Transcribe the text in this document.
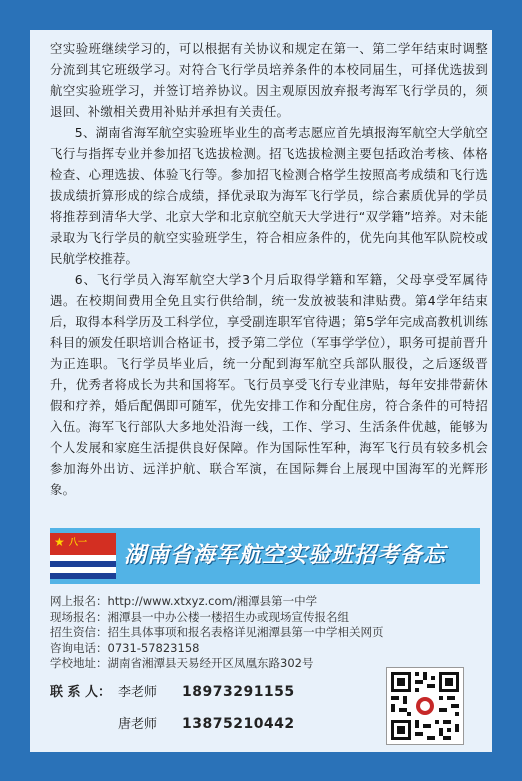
空实验班继续学习的，可以根据有关协议和规定在第一、第二学年结束时调整分流到其它班级学习。对符合飞行学员培养条件的本校同届生，可择优选拔到航空实验班学习，并签订培养协议。因主观原因放弃报考海军飞行学员的，须退回、补缴相关费用补贴并承担有关责任。

5、湖南省海军航空实验班毕业生的高考志愿应首先填报海军航空大学航空飞行与指挥专业并参加招飞选拔检测。招飞选拔检测主要包括政治考核、体格检查、心理选拔、体验飞行等。参加招飞检测合格学生按照高考成绩和飞行选拔成绩折算形成的综合成绩，择优录取为海军飞行学员，综合素质优异的学员将推荐到清华大学、北京大学和北京航空航天大学进行“双学籍”培养。对未能录取为飞行学员的航空实验班学生，符合相应条件的，优先向其他军队院校或民航学校推荐。

6、飞行学员入海军航空大学3个月后取得学籍和军籍，父母享受军属待遇。在校期间费用全免且实行供给制，统一发放被装和津贴费。第4学年结束后，取得本科学历及工科学位，享受副连职军官待遇；第5学年完成高教机训练科目的颁发任职培训合格证书，授予第二学位（军事学学位），职务可提前晋升为正连职。飞行学员毕业后，统一分配到海军航空兵部队服役，之后逐级晋升，优秀者将成长为共和国将军。飞行员享受飞行专业津贴，每年安排带薪休假和疗养，婚后配偶即可随军，优先安排工作和分配住房，符合条件的可特招入伍。海军飞行部队大多地处沿海一线，工作、学习、生活条件优越，能够为个人发展和家庭生活提供良好保障。作为国际性军种，海军飞行员有较多机会参加海外出访、远洋护航、联合军演，在国际舞台上展现中国海军的光辉形象。

★ 八一 湖南省海军航空实验班招考备忘
网上报名：http://www.xtxyz.com/湘潭县第一中学
现场报名：湘潭县一中办公楼一楼招生办或现场宣传报名组
招生资信：招生具体事项和报名表格详见湘潭县第一中学相关网页
咨询电话：0731-57823158
学校地址：湖南省湘潭县天易经开区凤凰东路302号
联 系 人： 李老师 18973291155
唐老师 13875210442
